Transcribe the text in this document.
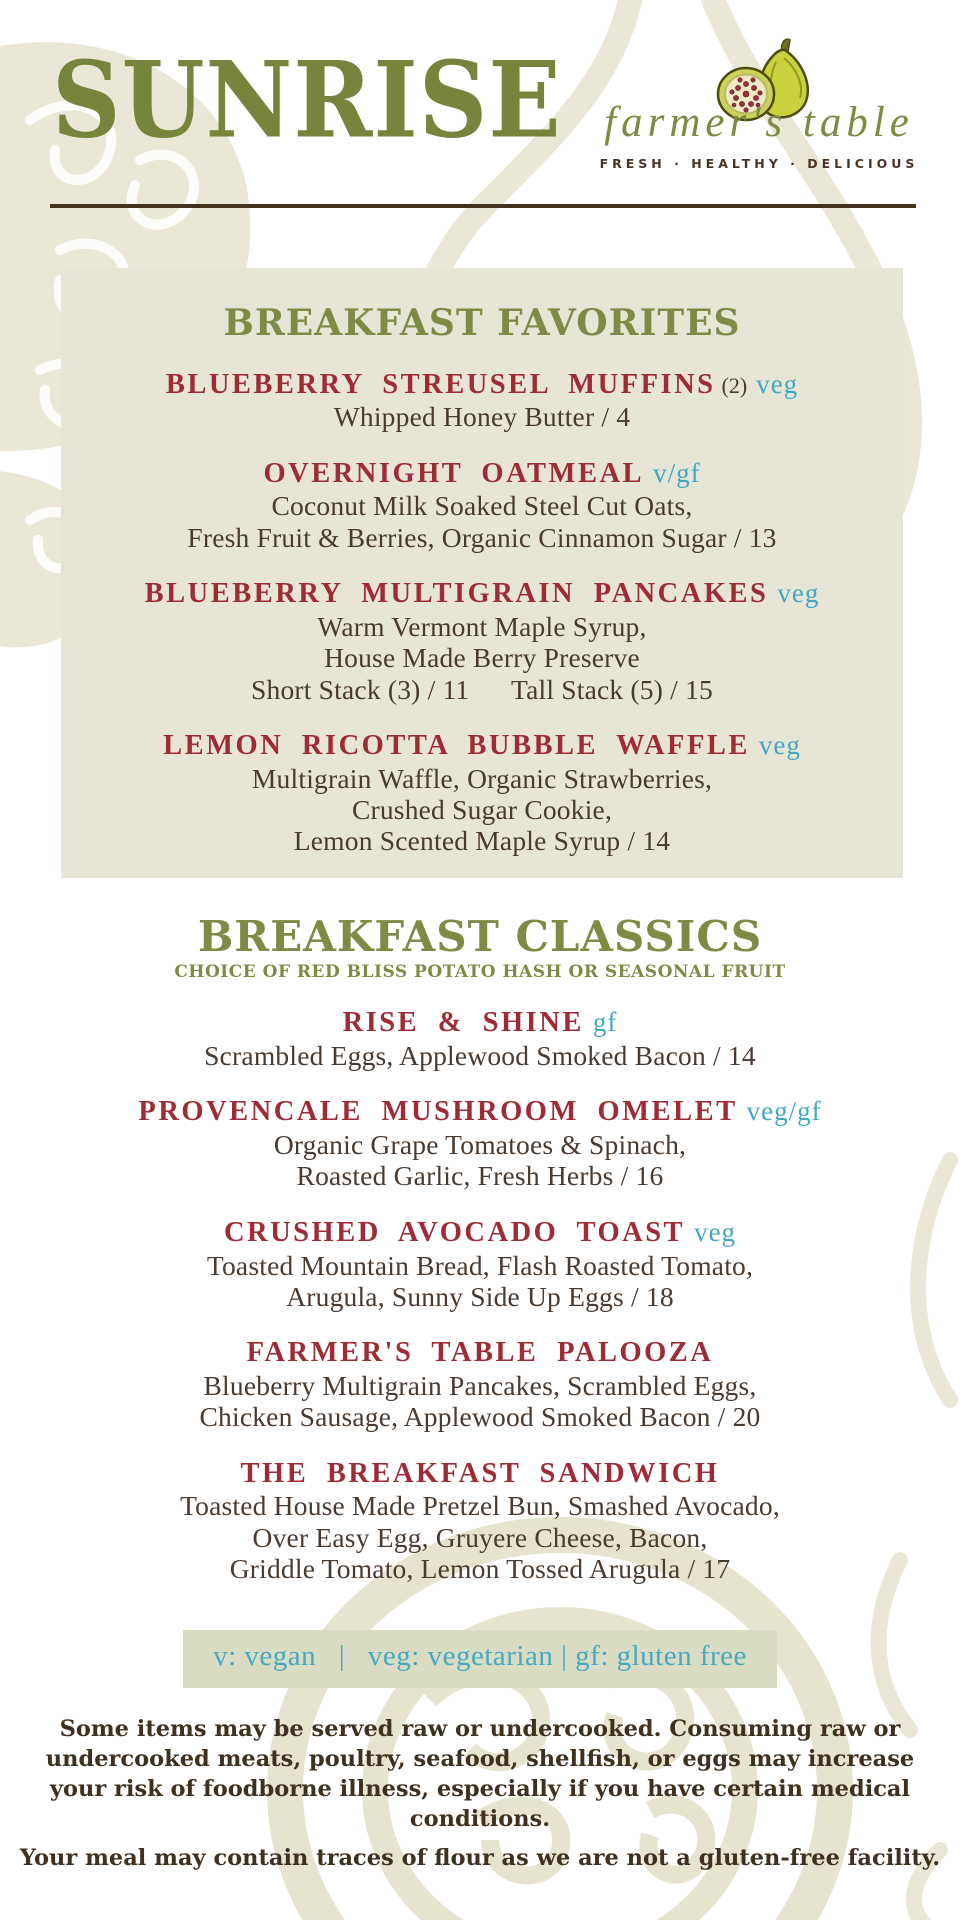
SUNRISE farmer's table
FRESH · HEALTHY · DELICIOUS
BREAKFAST FAVORITES
BLUEBERRY STREUSEL MUFFINS (2) veg
Whipped Honey Butter / 4
OVERNIGHT OATMEAL v/gf
Coconut Milk Soaked Steel Cut Oats,
Fresh Fruit & Berries, Organic Cinnamon Sugar / 13
BLUEBERRY MULTIGRAIN PANCAKES veg
Warm Vermont Maple Syrup,
House Made Berry Preserve
Short Stack (3) / 11  Tall Stack (5) / 15
LEMON RICOTTA BUBBLE WAFFLE veg
Multigrain Waffle, Organic Strawberries,
Crushed Sugar Cookie,
Lemon Scented Maple Syrup / 14
BREAKFAST CLASSICS
CHOICE OF RED BLISS POTATO HASH OR SEASONAL FRUIT
RISE & SHINE gf
Scrambled Eggs, Applewood Smoked Bacon / 14
PROVENCALE MUSHROOM OMELET veg/gf
Organic Grape Tomatoes & Spinach,
Roasted Garlic, Fresh Herbs / 16
CRUSHED AVOCADO TOAST veg
Toasted Mountain Bread, Flash Roasted Tomato,
Arugula, Sunny Side Up Eggs / 18
FARMER'S TABLE PALOOZA
Blueberry Multigrain Pancakes, Scrambled Eggs,
Chicken Sausage, Applewood Smoked Bacon / 20
THE BREAKFAST SANDWICH
Toasted House Made Pretzel Bun, Smashed Avocado,
Over Easy Egg, Gruyere Cheese, Bacon,
Griddle Tomato, Lemon Tossed Arugula / 17
v: vegan  |  veg: vegetarian | gf: gluten free
Some items may be served raw or undercooked. Consuming raw or undercooked meats, poultry, seafood, shellfish, or eggs may increase your risk of foodborne illness, especially if you have certain medical conditions.
Your meal may contain traces of flour as we are not a gluten-free facility.
